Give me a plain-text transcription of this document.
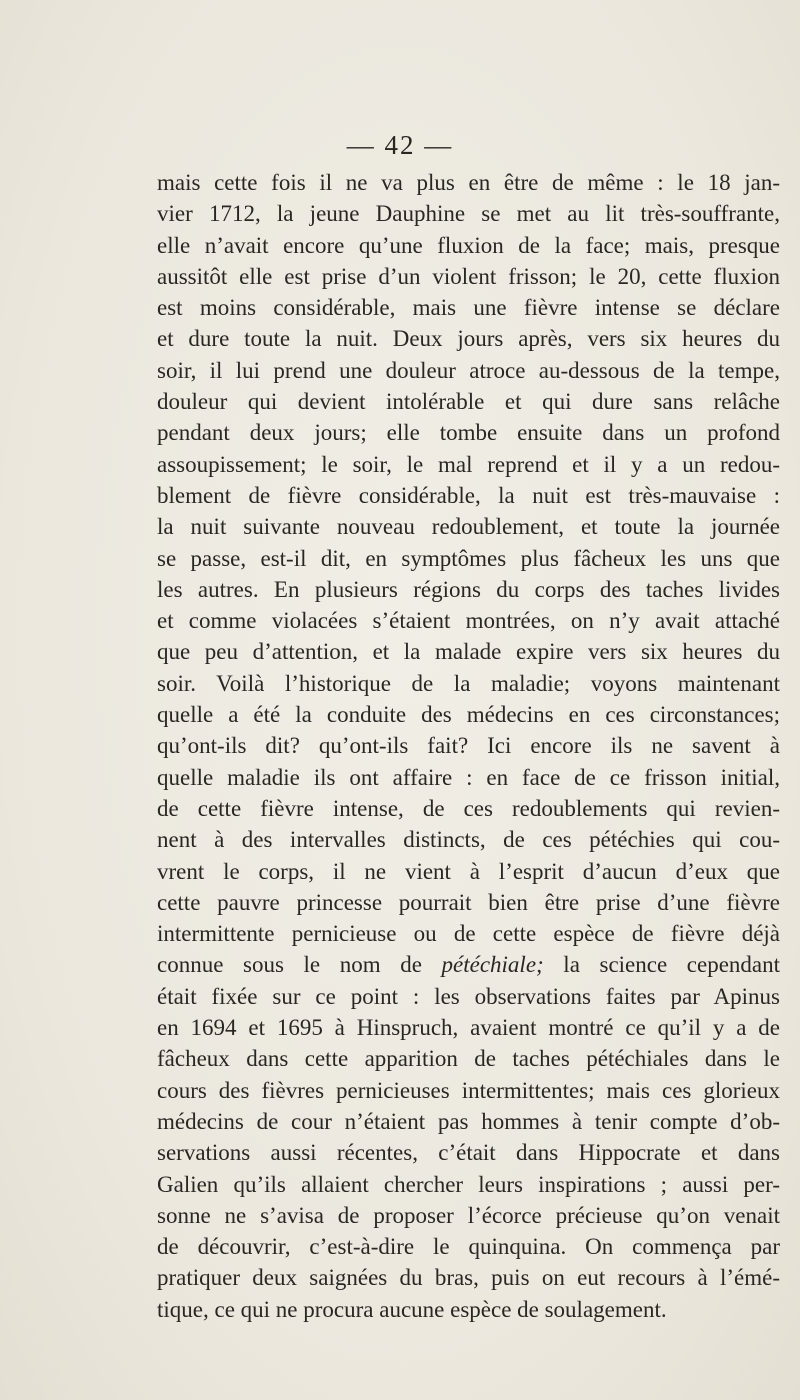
— 42 —
mais cette fois il ne va plus en être de même : le 18 jan-
vier 1712, la jeune Dauphine se met au lit très-souffrante,
elle n’avait encore qu’une fluxion de la face; mais, presque
aussitôt elle est prise d’un violent frisson; le 20, cette fluxion
est moins considérable, mais une fièvre intense se déclare
et dure toute la nuit. Deux jours après, vers six heures du
soir, il lui prend une douleur atroce au-dessous de la tempe,
douleur qui devient intolérable et qui dure sans relâche
pendant deux jours; elle tombe ensuite dans un profond
assoupissement; le soir, le mal reprend et il y a un redou-
blement de fièvre considérable, la nuit est très-mauvaise :
la nuit suivante nouveau redoublement, et toute la journée
se passe, est-il dit, en symptômes plus fâcheux les uns que
les autres. En plusieurs régions du corps des taches livides
et comme violacées s’étaient montrées, on n’y avait attaché
que peu d’attention, et la malade expire vers six heures du
soir. Voilà l’historique de la maladie; voyons maintenant
quelle a été la conduite des médecins en ces circonstances;
qu’ont-ils dit? qu’ont-ils fait? Ici encore ils ne savent à
quelle maladie ils ont affaire : en face de ce frisson initial,
de cette fièvre intense, de ces redoublements qui revien-
nent à des intervalles distincts, de ces pétéchies qui cou-
vrent le corps, il ne vient à l’esprit d’aucun d’eux que
cette pauvre princesse pourrait bien être prise d’une fièvre
intermittente pernicieuse ou de cette espèce de fièvre déjà
connue sous le nom de pétéchiale; la science cependant
était fixée sur ce point : les observations faites par Apinus
en 1694 et 1695 à Hinspruch, avaient montré ce qu’il y a de
fâcheux dans cette apparition de taches pétéchiales dans le
cours des fièvres pernicieuses intermittentes; mais ces glorieux
médecins de cour n’étaient pas hommes à tenir compte d’ob-
servations aussi récentes, c’était dans Hippocrate et dans
Galien qu’ils allaient chercher leurs inspirations ; aussi per-
sonne ne s’avisa de proposer l’écorce précieuse qu’on venait
de découvrir, c’est-à-dire le quinquina. On commença par
pratiquer deux saignées du bras, puis on eut recours à l’émé-
tique, ce qui ne procura aucune espèce de soulagement.
